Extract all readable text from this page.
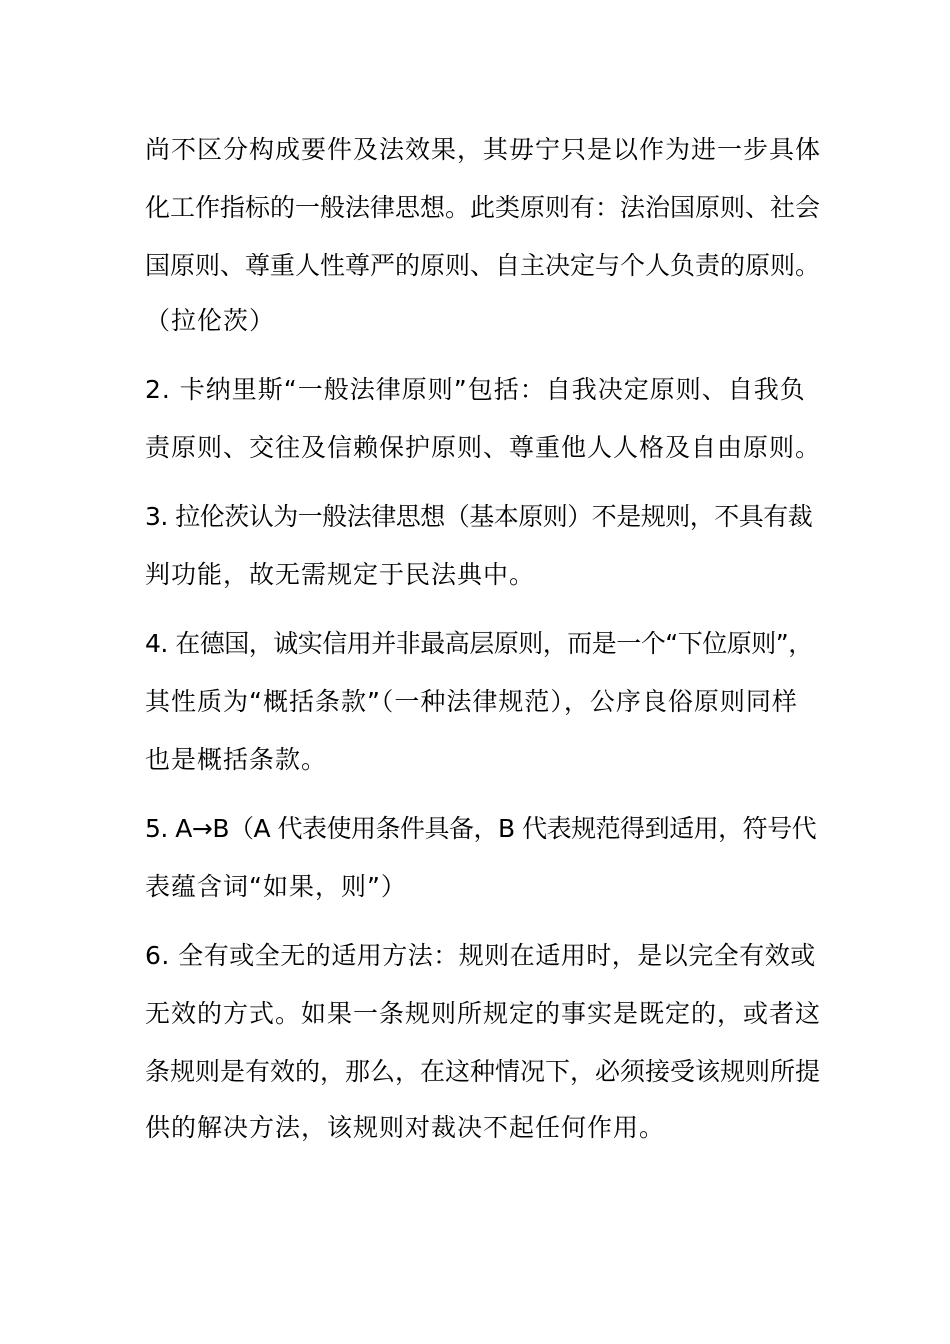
尚不区分构成要件及法效果，其毋宁只是以作为进一步具体
化工作指标的一般法律思想。此类原则有：法治国原则、社会
国原则、尊重人性尊严的原则、自主决定与个人负责的原则。
（拉伦茨）
2. 卡纳里斯“一般法律原则”包括：自我决定原则、自我负
责原则、交往及信赖保护原则、尊重他人人格及自由原则。
3. 拉伦茨认为一般法律思想（基本原则）不是规则，不具有裁
判功能，故无需规定于民法典中。
4. 在德国，诚实信用并非最高层原则，而是一个“下位原则”，
其性质为“概括条款”（一种法律规范），公序良俗原则同样
也是概括条款。
5. A→B（A 代表使用条件具备，B 代表规范得到适用，符号代
表蕴含词“如果，则”）
6. 全有或全无的适用方法：规则在适用时，是以完全有效或
无效的方式。如果一条规则所规定的事实是既定的，或者这
条规则是有效的，那么，在这种情况下，必须接受该规则所提
供的解决方法，该规则对裁决不起任何作用。
